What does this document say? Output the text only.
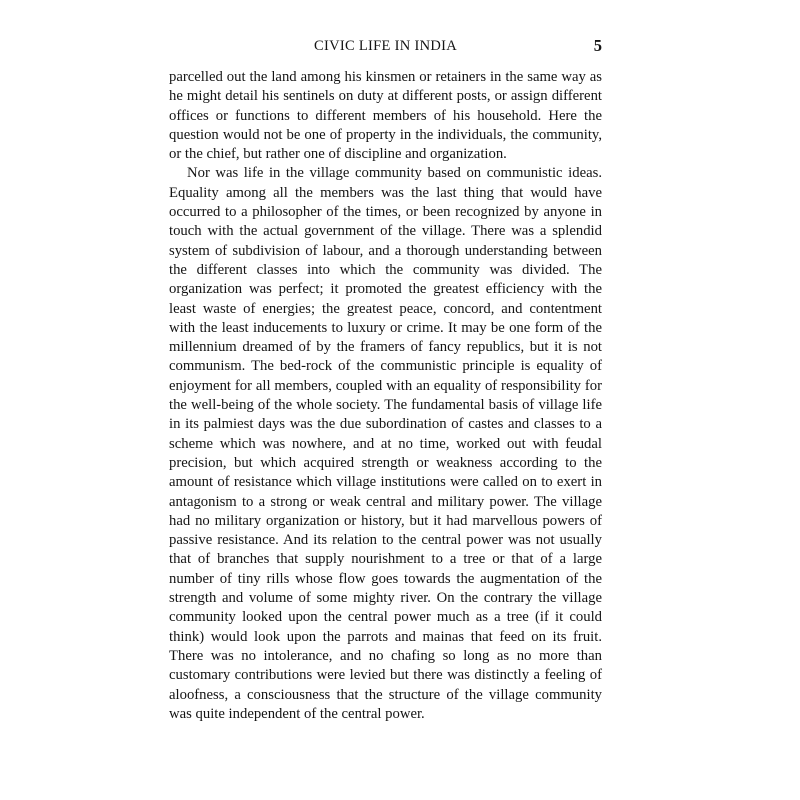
CIVIC LIFE IN INDIA	5

parcelled out the land among his kinsmen or retainers in the same way as he might detail his sentinels on duty at different posts, or assign different offices or functions to different members of his household. Here the question would not be one of property in the individuals, the community, or the chief, but rather one of discipline and organization.

Nor was life in the village community based on communistic ideas. Equality among all the members was the last thing that would have occurred to a philosopher of the times, or been recognized by anyone in touch with the actual government of the village. There was a splendid system of subdivision of labour, and a thorough understanding between the different classes into which the community was divided. The organization was perfect; it promoted the greatest efficiency with the least waste of energies; the greatest peace, concord, and contentment with the least inducements to luxury or crime. It may be one form of the millennium dreamed of by the framers of fancy republics, but it is not communism. The bed-rock of the communistic principle is equality of enjoyment for all members, coupled with an equality of responsibility for the well-being of the whole society. The fundamental basis of village life in its palmiest days was the due subordination of castes and classes to a scheme which was nowhere, and at no time, worked out with feudal precision, but which acquired strength or weakness according to the amount of resistance which village institutions were called on to exert in antagonism to a strong or weak central and military power. The village had no military organization or history, but it had marvellous powers of passive resistance. And its relation to the central power was not usually that of branches that supply nourishment to a tree or that of a large number of tiny rills whose flow goes towards the augmentation of the strength and volume of some mighty river. On the contrary the village community looked upon the central power much as a tree (if it could think) would look upon the parrots and mainas that feed on its fruit. There was no intolerance, and no chafing so long as no more than customary contributions were levied but there was distinctly a feeling of aloofness, a consciousness that the structure of the village community was quite independent of the central power.
